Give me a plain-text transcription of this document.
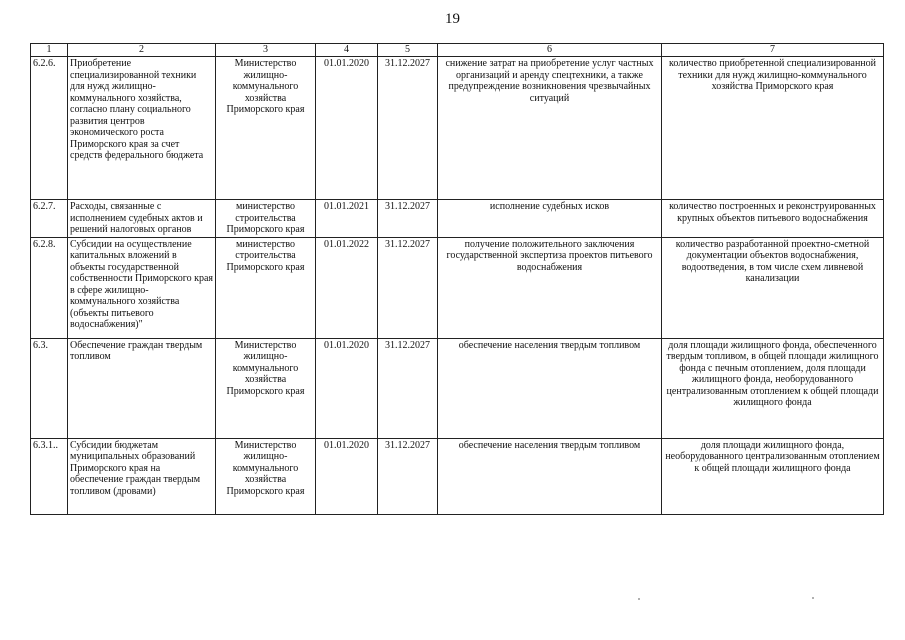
19
1	2	3	4	5	6	7
6.2.6.	Приобретение специализированной техники для нужд жилищно-коммунального хозяйства, согласно плану социального развития центров экономического роста Приморского края за счет средств федерального бюджета	Министерство жилищно-коммунального хозяйства Приморского края	01.01.2020	31.12.2027	снижение затрат на приобретение услуг частных организаций и аренду спецтехники, а также предупреждение возникновения чрезвычайных ситуаций	количество приобретенной специализированной техники для нужд жилищно-коммунального хозяйства Приморского края
6.2.7.	Расходы, связанные с исполнением судебных актов и решений налоговых органов	министерство строительства Приморского края	01.01.2021	31.12.2027	исполнение судебных исков	количество построенных и реконструированных крупных объектов питьевого водоснабжения
6.2.8.	Субсидии на осуществление капитальных вложений в объекты государственной собственности Приморского края в сфере жилищно-коммунального хозяйства (объекты питьевого водоснабжения)"	министерство строительства Приморского края	01.01.2022	31.12.2027	получение положительного заключения государственной экспертиза проектов питьевого водоснабжения	количество разработанной проектно-сметной документации объектов водоснабжения, водоотведения, в том числе схем ливневой канализации
6.3.	Обеспечение граждан твердым топливом	Министерство жилищно-коммунального хозяйства Приморского края	01.01.2020	31.12.2027	обеспечение населения твердым топливом	доля площади жилищного фонда, обеспеченного твердым топливом, в общей площади жилищного фонда с печным отоплением, доля площади жилищного фонда, необорудованного централизованным отоплением к общей площади жилищного фонда
6.3.1..	Субсидии бюджетам муниципальных образований Приморского края на обеспечение граждан твердым топливом (дровами)	Министерство жилищно-коммунального хозяйства Приморского края	01.01.2020	31.12.2027	обеспечение населения твердым топливом	доля площади жилищного фонда, необорудованного централизованным отоплением к общей площади жилищного фонда
